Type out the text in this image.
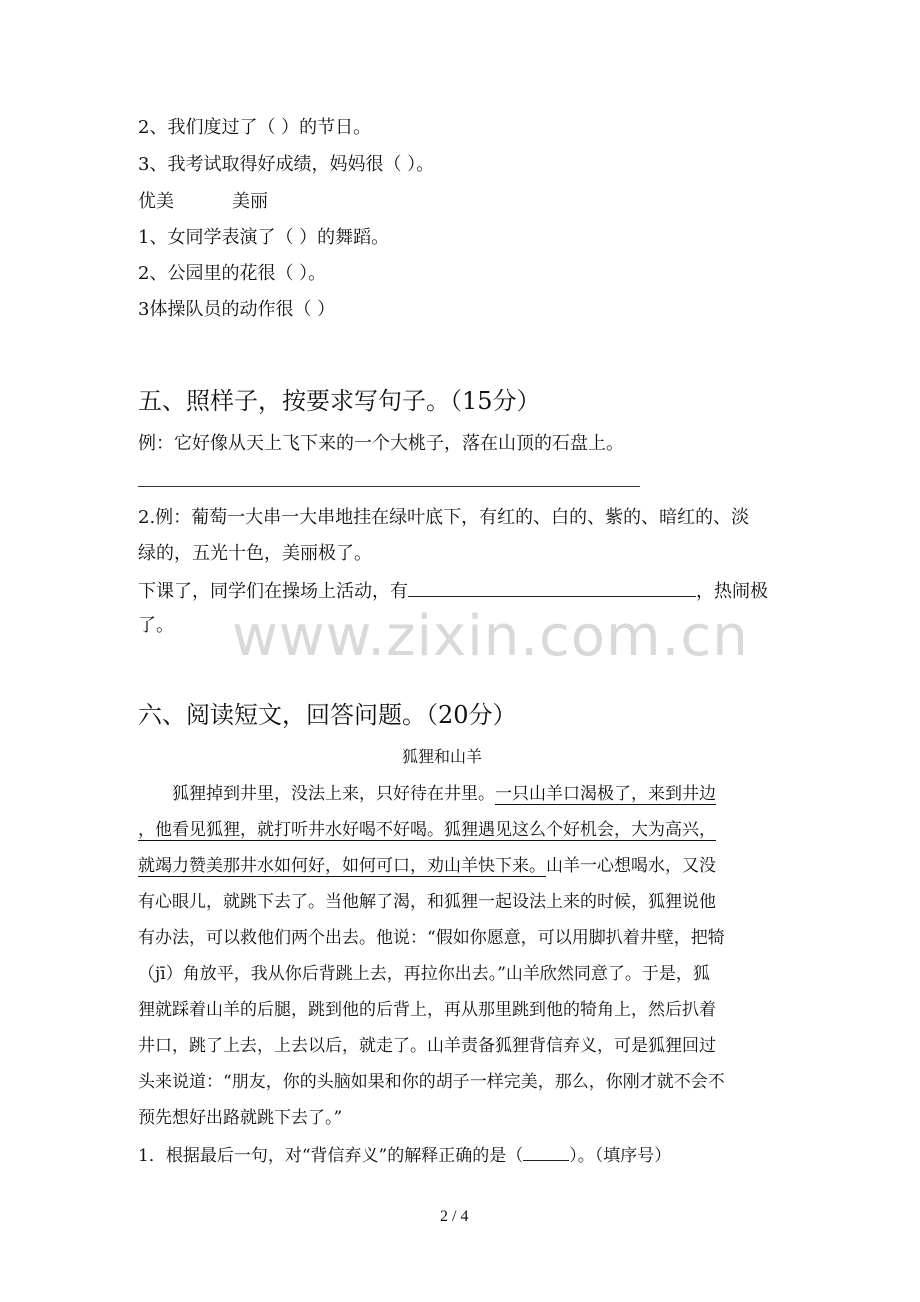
2、我们度过了（ ）的节日。
3、我考试取得好成绩，妈妈很（ ）。
优美	美丽
1、女同学表演了（ ）的舞蹈。
2、公园里的花很（ ）。
3体操队员的动作很（ ）
五、照样子，按要求写句子。（15分）
例：它好像从天上飞下来的一个大桃子，落在山顶的石盘上。
2.例：葡萄一大串一大串地挂在绿叶底下，有红的、白的、紫的、暗红的、淡
绿的，五光十色，美丽极了。
下课了，同学们在操场上活动，有	，热闹极
了。 www.zixin.com.cn
六、阅读短文，回答问题。（20分）
狐狸和山羊
狐狸掉到井里，没法上来，只好待在井里。一只山羊口渴极了，来到井边
，他看见狐狸，就打听井水好喝不好喝。狐狸遇见这么个好机会，大为高兴，
就竭力赞美那井水如何好，如何可口，劝山羊快下来。山羊一心想喝水，又没
有心眼儿，就跳下去了。当他解了渴，和狐狸一起设法上来的时候，狐狸说他
有办法，可以救他们两个出去。他说：“假如你愿意，可以用脚扒着井壁，把犄
（jī）角放平，我从你后背跳上去，再拉你出去。”山羊欣然同意了。于是，狐
狸就踩着山羊的后腿，跳到他的后背上，再从那里跳到他的犄角上，然后扒着
井口，跳了上去，上去以后，就走了。山羊责备狐狸背信弃义，可是狐狸回过
头来说道：“朋友，你的头脑如果和你的胡子一样完美，那么，你刚才就不会不
预先想好出路就跳下去了。”
1．根据最后一句，对“背信弃义”的解释正确的是（	）。（填序号）
2 / 4
